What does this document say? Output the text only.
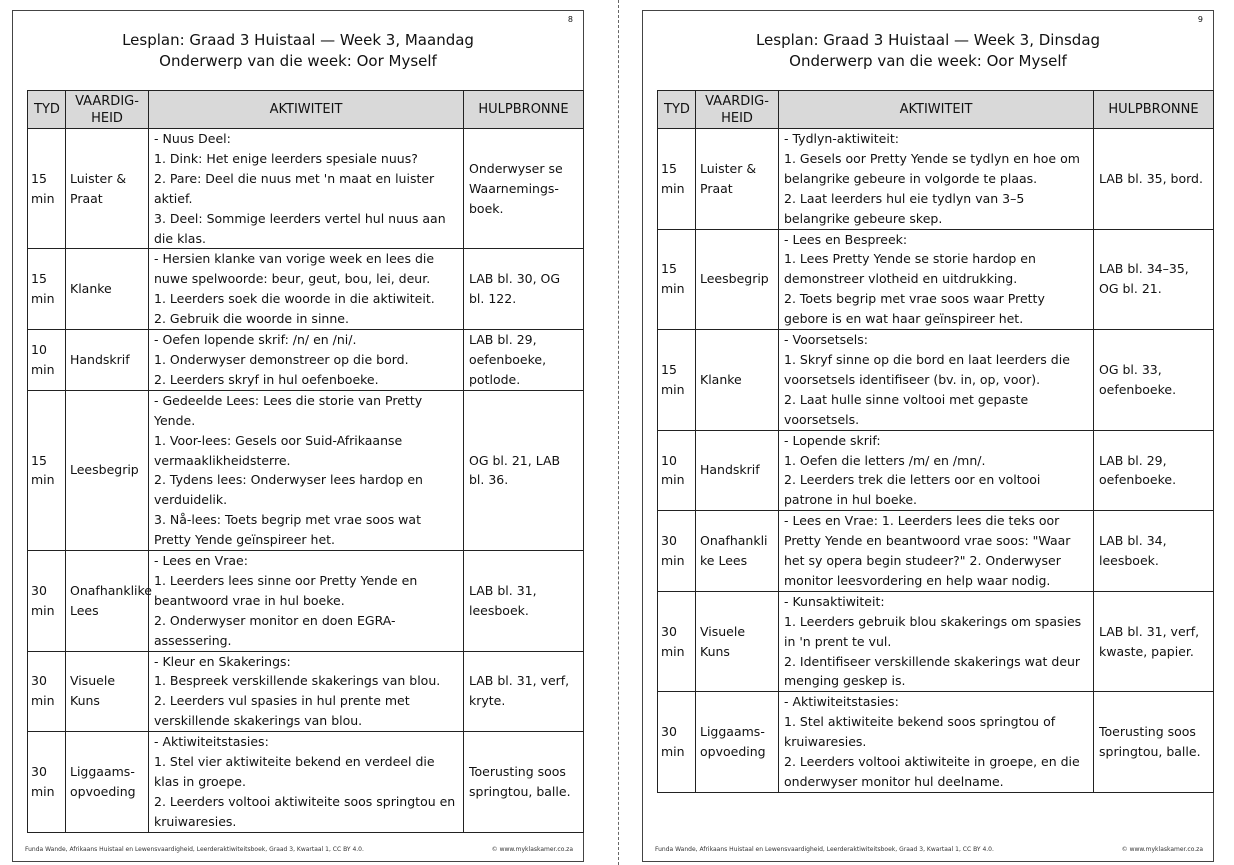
8
Lesplan: Graad 3 Huistaal — Week 3, Maandag
Onderwerp van die week: Oor Myself
TYD	VAARDIG-HEID	AKTIWITEIT	HULPBRONNE
15 min	Luister & Praat	- Nuus Deel:
1. Dink: Het enige leerders spesiale nuus?
2. Pare: Deel die nuus met 'n maat en luister aktief.
3. Deel: Sommige leerders vertel hul nuus aan die klas.	Onderwyser se Waarnemings-boek.
15 min	Klanke	- Hersien klanke van vorige week en lees die nuwe spelwoorde: beur, geut, bou, lei, deur.
1. Leerders soek die woorde in die aktiwiteit.
2. Gebruik die woorde in sinne.	LAB bl. 30, OG bl. 122.
10 min	Handskrif	- Oefen lopende skrif: /n/ en /ni/.
1. Onderwyser demonstreer op die bord.
2. Leerders skryf in hul oefenboeke.	LAB bl. 29, oefenboeke, potlode.
15 min	Leesbegrip	- Gedeelde Lees: Lees die storie van Pretty Yende.
1. Voor-lees: Gesels oor Suid-Afrikaanse vermaaklikheidsterre.
2. Tydens lees: Onderwyser lees hardop en verduidelik.
3. Nå-lees: Toets begrip met vrae soos wat Pretty Yende geïnspireer het.	OG bl. 21, LAB bl. 36.
30 min	Onafhanklike Lees	- Lees en Vrae:
1. Leerders lees sinne oor Pretty Yende en beantwoord vrae in hul boeke.
2. Onderwyser monitor en doen EGRA-assessering.	LAB bl. 31, leesboek.
30 min	Visuele Kuns	- Kleur en Skakerings:
1. Bespreek verskillende skakerings van blou.
2. Leerders vul spasies in hul prente met verskillende skakerings van blou.	LAB bl. 31, verf, kryte.
30 min	Liggaams-opvoeding	- Aktiwiteitstasies:
1. Stel vier aktiwiteite bekend en verdeel die klas in groepe.
2. Leerders voltooi aktiwiteite soos springtou en kruiwaresies.	Toerusting soos springtou, balle.
Funda Wande, Afrikaans Huistaal en Lewensvaardigheid, Leerderaktiwiteitsboek, Graad 3, Kwartaal 1, CC BY 4.0.	© www.myklaskamer.co.za
9
Lesplan: Graad 3 Huistaal — Week 3, Dinsdag
Onderwerp van die week: Oor Myself
TYD	VAARDIG-HEID	AKTIWITEIT	HULPBRONNE
15 min	Luister & Praat	- Tydlyn-aktiwiteit:
1. Gesels oor Pretty Yende se tydlyn en hoe om belangrike gebeure in volgorde te plaas.
2. Laat leerders hul eie tydlyn van 3–5 belangrike gebeure skep.	LAB bl. 35, bord.
15 min	Leesbegrip	- Lees en Bespreek:
1. Lees Pretty Yende se storie hardop en demonstreer vlotheid en uitdrukking.
2. Toets begrip met vrae soos waar Pretty gebore is en wat haar geïnspireer het.	LAB bl. 34–35, OG bl. 21.
15 min	Klanke	- Voorsetsels:
1. Skryf sinne op die bord en laat leerders die voorsetsels identifiseer (bv. in, op, voor).
2. Laat hulle sinne voltooi met gepaste voorsetsels.	OG bl. 33, oefenboeke.
10 min	Handskrif	- Lopende skrif:
1. Oefen die letters /m/ en /mn/.
2. Leerders trek die letters oor en voltooi patrone in hul boeke.	LAB bl. 29, oefenboeke.
30 min	Onafhankli ke Lees	- Lees en Vrae: 1. Leerders lees die teks oor Pretty Yende en beantwoord vrae soos: "Waar het sy opera begin studeer?" 2. Onderwyser monitor leesvordering en help waar nodig.	LAB bl. 34, leesboek.
30 min	Visuele Kuns	- Kunsaktiwiteit:
1. Leerders gebruik blou skakerings om spasies in 'n prent te vul.
2. Identifiseer verskillende skakerings wat deur menging geskep is.	LAB bl. 31, verf, kwaste, papier.
30 min	Liggaams-opvoeding	- Aktiwiteitstasies:
1. Stel aktiwiteite bekend soos springtou of kruiwaresies.
2. Leerders voltooi aktiwiteite in groepe, en die onderwyser monitor hul deelname.	Toerusting soos springtou, balle.
Funda Wande, Afrikaans Huistaal en Lewensvaardigheid, Leerderaktiwiteitsboek, Graad 3, Kwartaal 1, CC BY 4.0.	© www.myklaskamer.co.za
